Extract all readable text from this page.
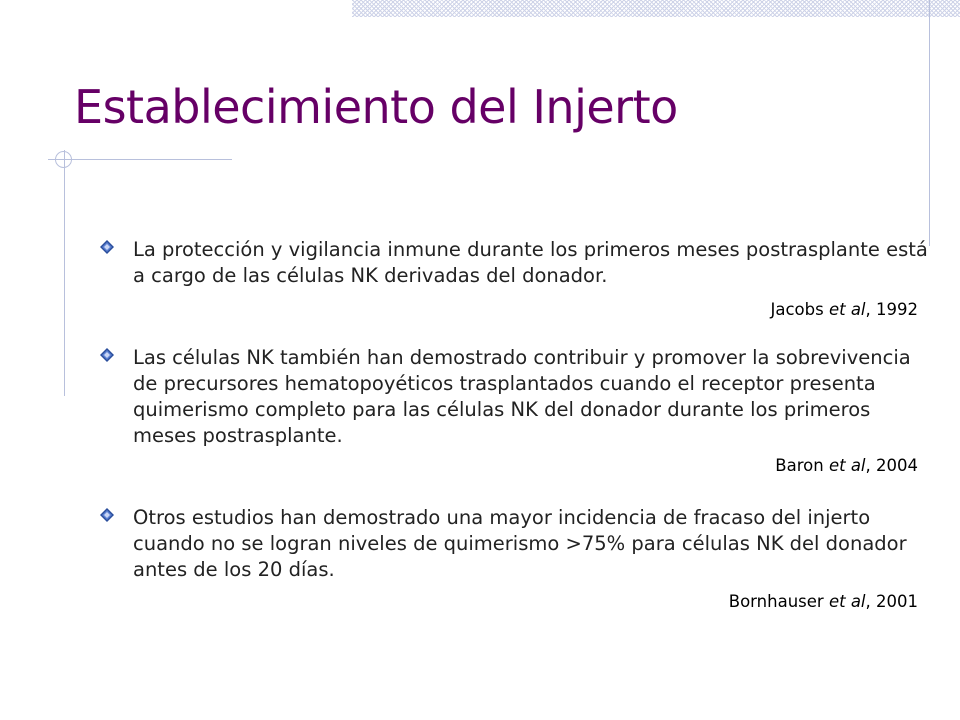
Establecimiento del Injerto

La protección y vigilancia inmune durante los primeros meses postrasplante está a cargo de las células NK derivadas del donador.

Jacobs et al, 1992

Las células NK también han demostrado contribuir y promover la sobrevivencia de precursores hematopoyéticos trasplantados cuando el receptor presenta quimerismo completo para las células NK del donador durante los primeros meses postrasplante.

Baron et al, 2004

Otros estudios han demostrado una mayor incidencia de fracaso del injerto cuando no se logran niveles de quimerismo >75% para células NK del donador antes de los 20 días.

Bornhauser et al, 2001
